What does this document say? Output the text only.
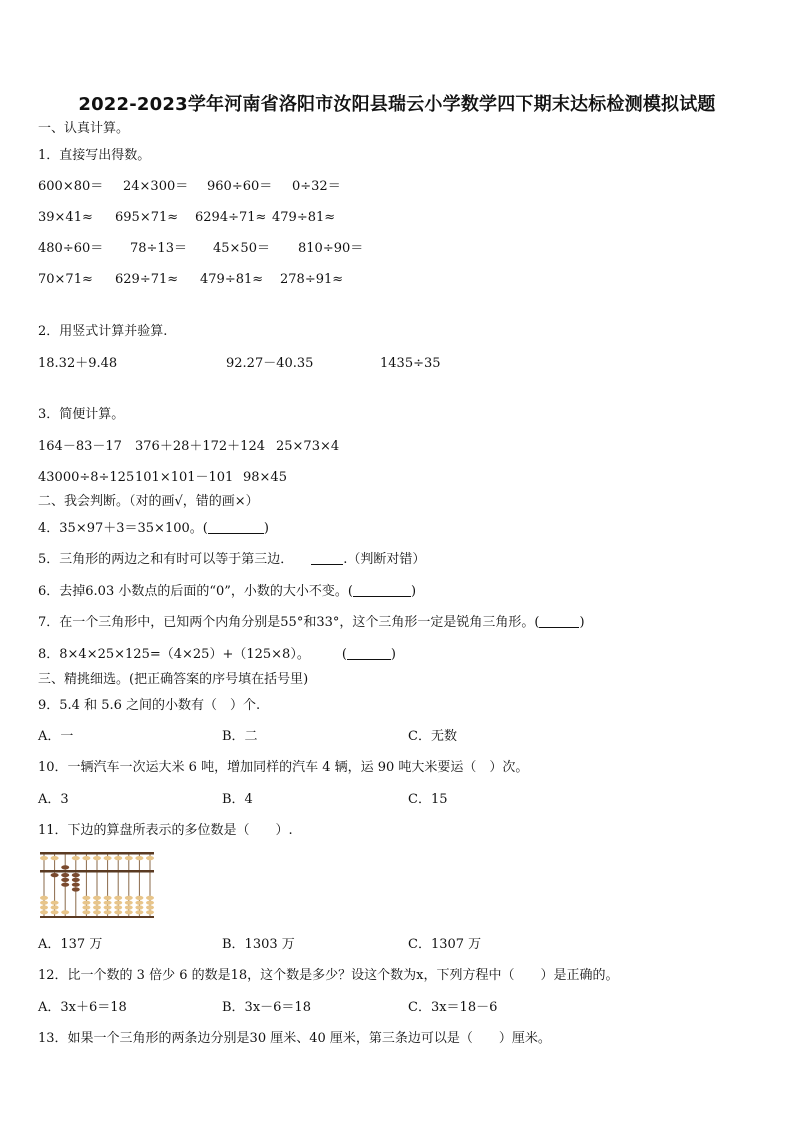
2022-2023学年河南省洛阳市汝阳县瑞云小学数学四下期末达标检测模拟试题
一、认真计算。
1．直接写出得数。
600×80＝ 24×300＝ 960÷60＝ 0÷32＝
39×41≈ 695×71≈ 6294÷71≈ 479÷81≈
480÷60＝ 78÷13＝ 45×50＝ 810÷90＝
70×71≈ 629÷71≈ 479÷81≈ 278÷91≈
2．用竖式计算并验算.
18.32＋9.48	92.27－40.35	1435÷35
3．简便计算。
164－83－17 376＋28＋172＋124 25×73×4
43000÷8÷125 101×101－101 98×45
二、我会判断。（对的画√，错的画×）
4．35×97＋3＝35×100。(	)
5．三角形的两边之和有时可以等于第三边．	.（判断对错）
6．去掉6.03 小数点的后面的“0”，小数的大小不变。(	)
7．在一个三角形中，已知两个内角分别是55°和33°，这个三角形一定是锐角三角形。(	)
8．8×4×25×125=（4×25）+（125×8）。 (	)
三、精挑细选。(把正确答案的序号填在括号里)
9．5.4 和 5.6 之间的小数有（　）个.
A．一	B．二	C．无数
10．一辆汽车一次运大米 6 吨，增加同样的汽车 4 辆，运 90 吨大米要运（　）次。
A．3	B．4	C．15
11．下边的算盘所表示的多位数是（　　）.
A．137 万	B．1303 万	C．1307 万
12．比一个数的 3 倍少 6 的数是18，这个数是多少？设这个数为x，下列方程中（　　）是正确的。
A．3x＋6＝18	B．3x－6＝18	C．3x＝18－6
13．如果一个三角形的两条边分别是30 厘米、40 厘米，第三条边可以是（　　）厘米。
